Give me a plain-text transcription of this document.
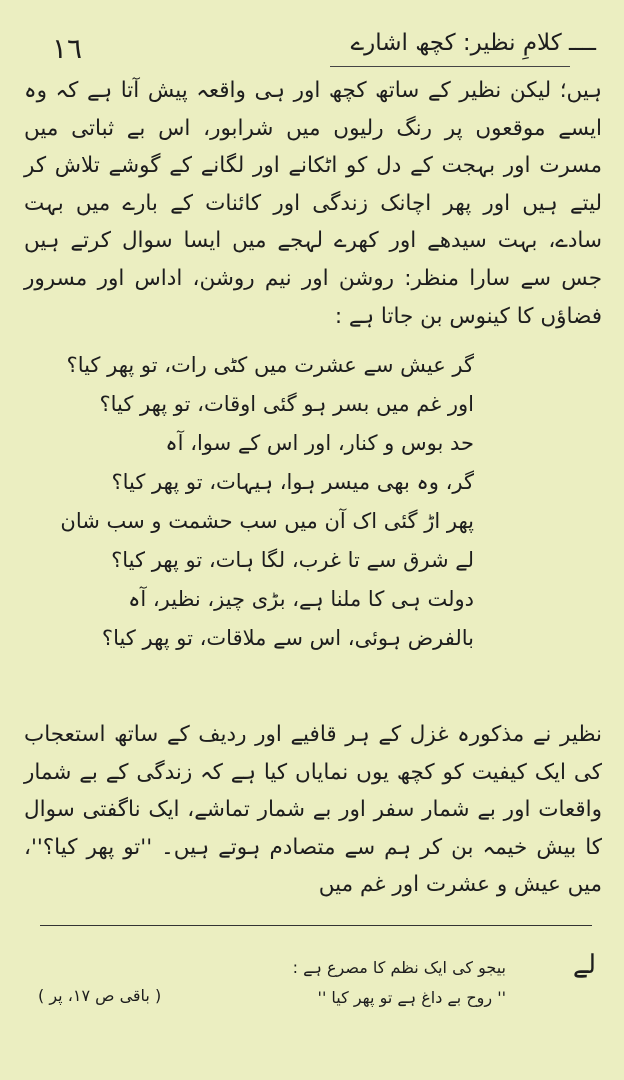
١٦	ــــ کلامِ نظیر: کچھ اشارے

ہیں؛ لیکن نظیر کے ساتھ کچھ اور ہی واقعہ پیش آتا ہے کہ وہ ایسے موقعوں پر رنگ رلیوں میں شرابور، اس بے ثباتی میں مسرت اور بہجت کے دل کو اٹکانے اور لگانے کے گوشے تلاش کر لیتے ہیں اور پھر اچانک زندگی اور کائنات کے بارے میں بہت سادے، بہت سیدھے اور کھرے لہجے میں ایسا سوال کرتے ہیں جس سے سارا منظر: روشن اور نیم روشن، اداس اور مسرور فضاؤں کا کینوس بن جاتا ہے :

گر عیش سے عشرت میں کٹی رات، تو پھر کیا؟
اور غم میں بسر ہو گئی اوقات، تو پھر کیا؟
حد بوس و کنار، اور اس کے سوا، آہ
گر، وہ بھی میسر ہوا، ہیہات، تو پھر کیا؟
پھر اڑ گئی اک آن میں سب حشمت و سب شان
لے شرق سے تا غرب، لگا ہات، تو پھر کیا؟
دولت ہی کا ملنا ہے، بڑی چیز، نظیر، آہ
بالفرض ہوئی، اس سے ملاقات، تو پھر کیا؟

نظیر نے مذکورہ غزل کے ہر قافیے اور ردیف کے ساتھ استعجاب کی ایک کیفیت کو کچھ یوں نمایاں کیا ہے کہ زندگی کے بے شمار واقعات اور بے شمار سفر اور بے شمار تماشے، ایک ناگفتی سوال کا بیش خیمہ بن کر ہم سے متصادم ہوتے ہیں۔ ''تو پھر کیا؟''، میں عیش و عشرت اور غم میں

لے
بیجو کی ایک نظم کا مصرع ہے :
'' روح بے داغ ہے تو پھر کیا ''
( باقی ص ۱۷، پر )
